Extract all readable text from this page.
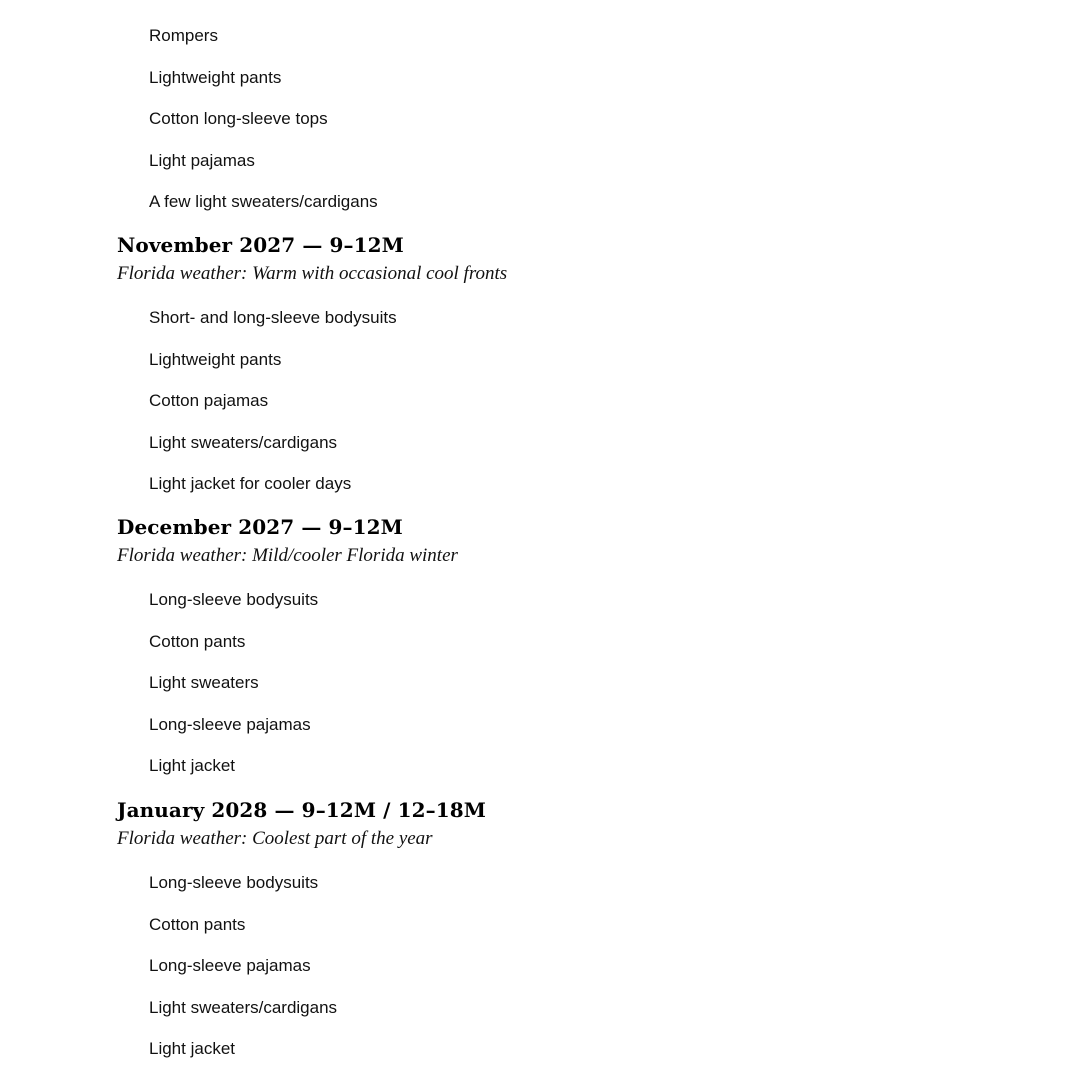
Rompers
Lightweight pants
Cotton long-sleeve tops
Light pajamas
A few light sweaters/cardigans
November 2027 — 9–12M

Florida weather: Warm with occasional cool fronts

Short- and long-sleeve bodysuits
Lightweight pants
Cotton pajamas
Light sweaters/cardigans
Light jacket for cooler days
December 2027 — 9–12M

Florida weather: Mild/cooler Florida winter

Long-sleeve bodysuits
Cotton pants
Light sweaters
Long-sleeve pajamas
Light jacket
January 2028 — 9–12M / 12–18M

Florida weather: Coolest part of the year

Long-sleeve bodysuits
Cotton pants
Long-sleeve pajamas
Light sweaters/cardigans
Light jacket
